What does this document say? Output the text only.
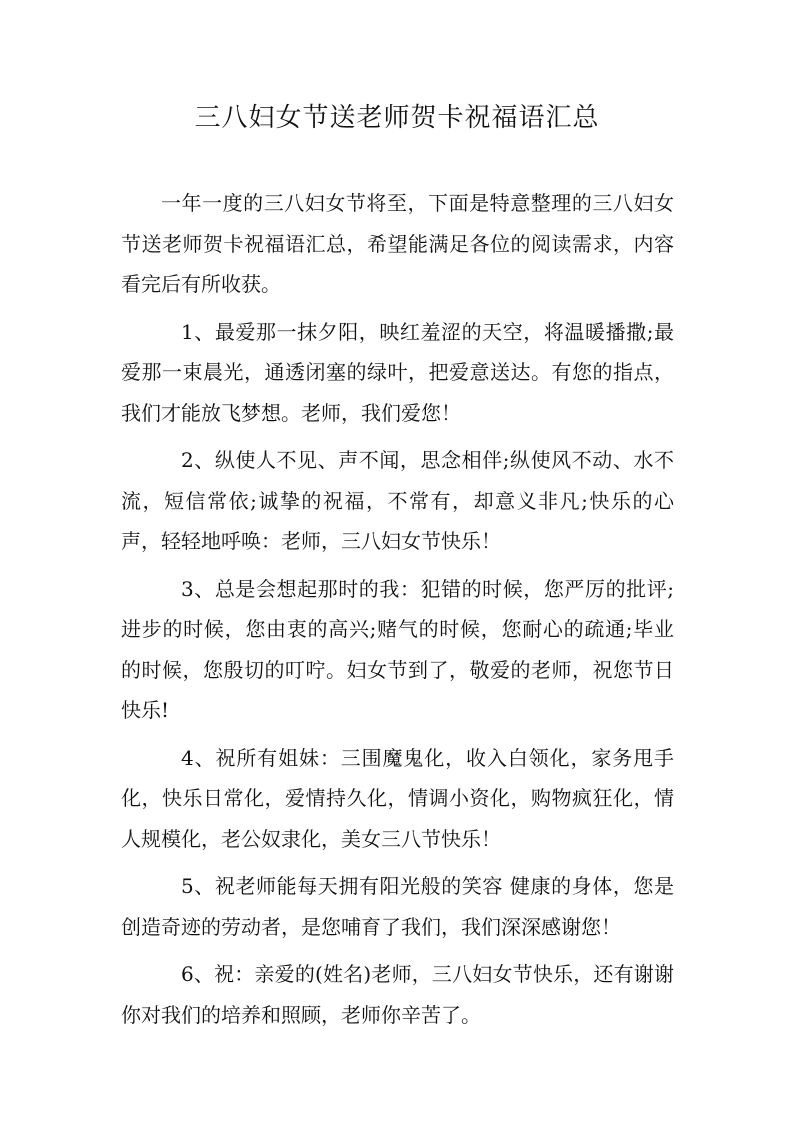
三八妇女节送老师贺卡祝福语汇总

一年一度的三八妇女节将至，下面是特意整理的三八妇女节送老师贺卡祝福语汇总，希望能满足各位的阅读需求，内容看完后有所收获。

1、最爱那一抹夕阳，映红羞涩的天空，将温暖播撒;最爱那一束晨光，通透闭塞的绿叶，把爱意送达。有您的指点，我们才能放飞梦想。老师，我们爱您！

2、纵使人不见、声不闻，思念相伴;纵使风不动、水不流，短信常依;诚挚的祝福，不常有，却意义非凡;快乐的心声，轻轻地呼唤：老师，三八妇女节快乐！

3、总是会想起那时的我：犯错的时候，您严厉的批评;进步的时候，您由衷的高兴;赌气的时候，您耐心的疏通;毕业的时候，您殷切的叮咛。妇女节到了，敬爱的老师，祝您节日快乐!

4、祝所有姐妹：三围魔鬼化，收入白领化，家务甩手化，快乐日常化，爱情持久化，情调小资化，购物疯狂化，情人规模化，老公奴隶化，美女三八节快乐！

5、祝老师能每天拥有阳光般的笑容 健康的身体，您是创造奇迹的劳动者，是您哺育了我们，我们深深感谢您！

6、祝：亲爱的(姓名)老师，三八妇女节快乐，还有谢谢你对我们的培养和照顾，老师你辛苦了。
